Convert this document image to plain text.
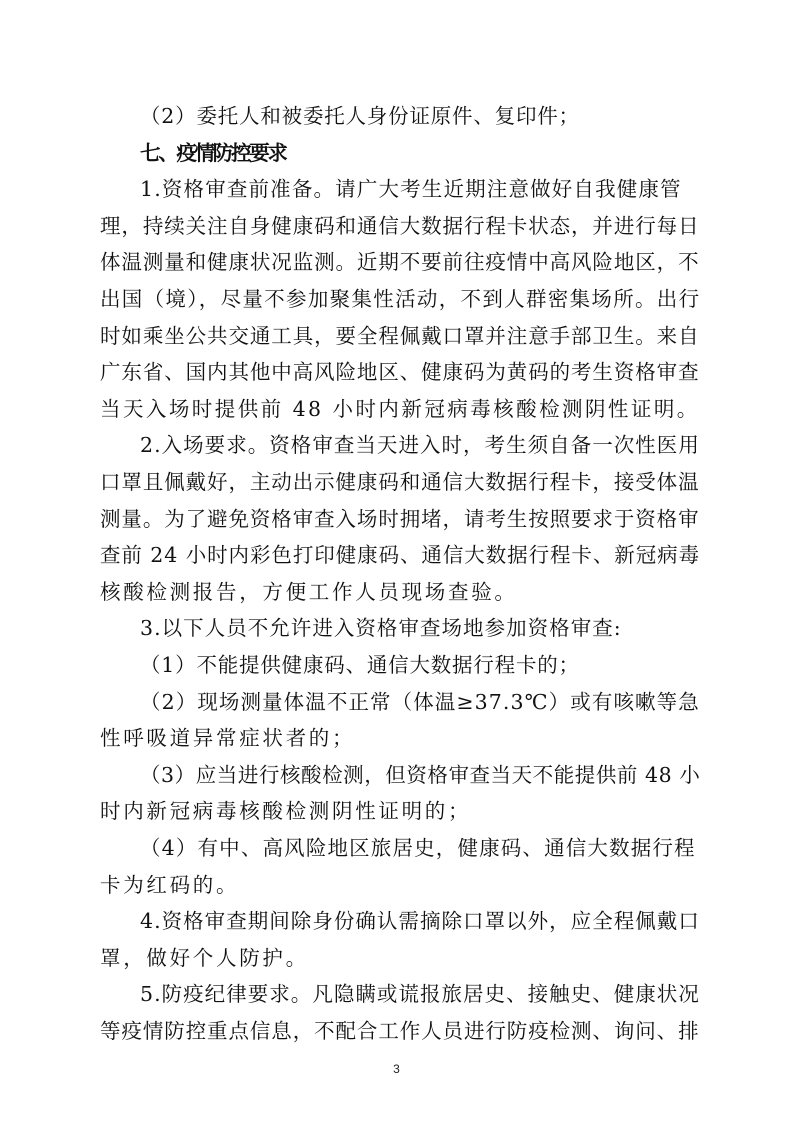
（2）委托人和被委托人身份证原件、复印件；
七、疫情防控要求
1.资格审查前准备。请广大考生近期注意做好自我健康管
理，持续关注自身健康码和通信大数据行程卡状态，并进行每日
体温测量和健康状况监测。近期不要前往疫情中高风险地区，不
出国（境），尽量不参加聚集性活动，不到人群密集场所。出行
时如乘坐公共交通工具，要全程佩戴口罩并注意手部卫生。来自
广东省、国内其他中高风险地区、健康码为黄码的考生资格审查
当天入场时提供前 48 小时内新冠病毒核酸检测阴性证明。
2.入场要求。资格审查当天进入时，考生须自备一次性医用
口罩且佩戴好，主动出示健康码和通信大数据行程卡，接受体温
测量。为了避免资格审查入场时拥堵，请考生按照要求于资格审
查前 24 小时内彩色打印健康码、通信大数据行程卡、新冠病毒
核酸检测报告，方便工作人员现场查验。
3.以下人员不允许进入资格审查场地参加资格审查:
（1）不能提供健康码、通信大数据行程卡的；
（2）现场测量体温不正常（体温≥37.3℃）或有咳嗽等急
性呼吸道异常症状者的；
（3）应当进行核酸检测，但资格审查当天不能提供前 48 小
时内新冠病毒核酸检测阴性证明的；
（4）有中、高风险地区旅居史，健康码、通信大数据行程
卡为红码的。
4.资格审查期间除身份确认需摘除口罩以外，应全程佩戴口
罩，做好个人防护。
5.防疫纪律要求。凡隐瞒或谎报旅居史、接触史、健康状况
等疫情防控重点信息，不配合工作人员进行防疫检测、询问、排
3
